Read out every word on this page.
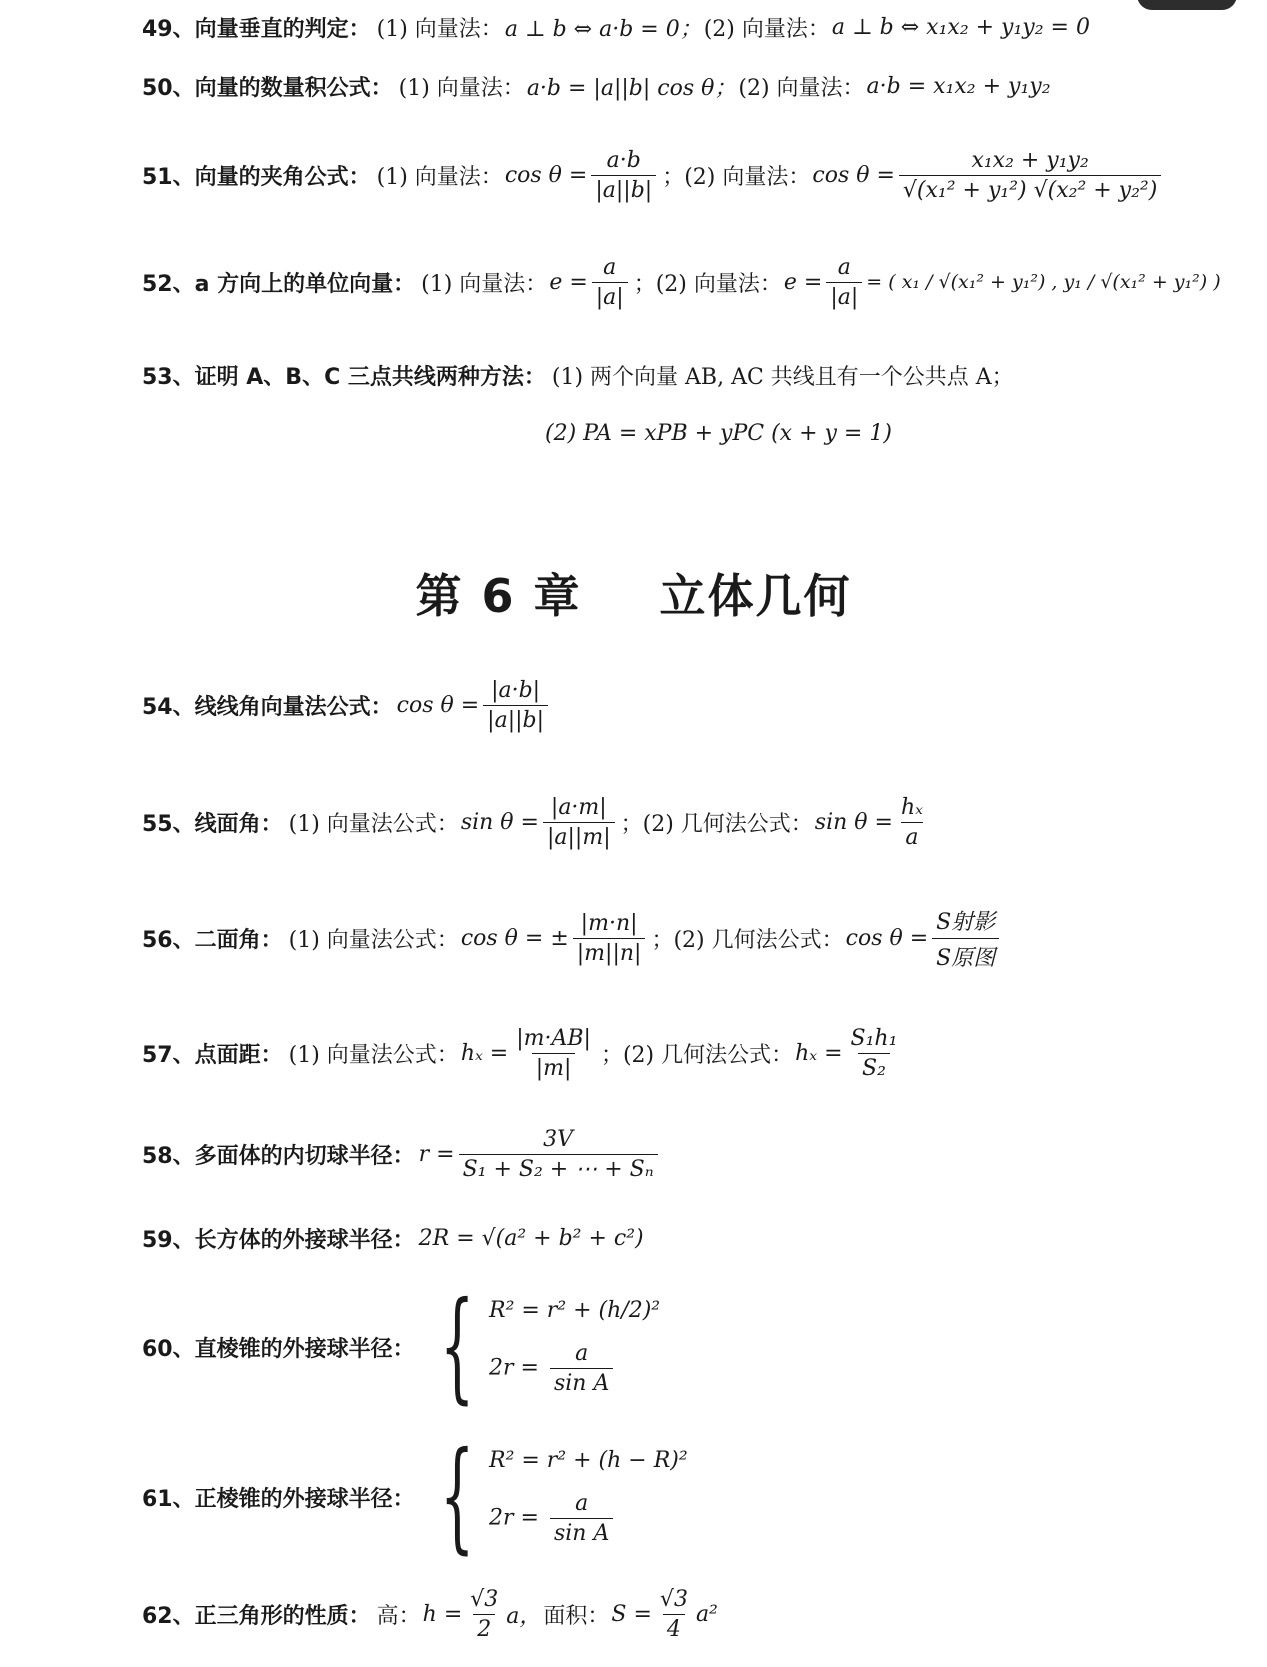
49、 向量垂直的判定： (1) 向量法： a ⊥ b ⇔ a·b = 0； (2) 向量法： a ⊥ b ⇔ x₁x₂ + y₁y₂ = 0
50、 向量的数量积公式： (1) 向量法： a·b = |a||b| cos θ； (2) 向量法： a·b = x₁x₂ + y₁y₂
51、 向量的夹角公式： (1) 向量法： $\cos \theta = \frac{a\cdot b}{|a||b|}$ ；(2) 向量法： $\cos \theta = \frac{\text{x₁x₂ + y₁y₂}}{\text{√(x₁² + y₁²) √(x₂² + y₂²)}}$
52、 a 方向上的单位向量： (1) 向量法： $e = \frac{a}{|a|}$ ；(2) 向量法： $e = \frac{a}{|a|}$ = ( x₁ / √(x₁² + y₁²) , y₁ / √(x₁² + y₁²) )
53、 证明 A、B、C 三点共线两种方法： (1) 两个向量 AB, AC 共线且有一个公共点 A；
(2) PA = xPB + yPC (x + y = 1)
第 6 章 立体几何
54、 线线角向量法公式： $\cos \theta = \frac{|a\cdot b|}{|a||b|}$
55、 线面角： (1) 向量法公式： $\sin \theta = \frac{|a\cdot m|}{|a||m|}$ ；(2) 几何法公式： $\sin \theta = \frac{\text{hₓ}}{a}$
56、 二面角： (1) 向量法公式： cos θ = ± $\frac{|m\cdot n|}{|m||n|}$ ；(2) 几何法公式： $\cos \theta = \frac{\text{S射影}}{\text{S原图}}$
57、 点面距： (1) 向量法公式： $h_x = \frac{|m\cdot AB|}{|m|}$ ；(2) 几何法公式： $h_x = \frac{\text{S₁h₁}}{\text{S₂}}$
58、 多面体的内切球半径： $r = \frac{3V}{\text{S₁ + S₂ + ⋯ + Sₙ}}$
59、 长方体的外接球半径： 2R = √(a² + b² + c²)
60、 直棱锥的外接球半径： { R² = r² + (h/2)²
$2r = \frac{a}{\text{sin A}}$
61、 正棱锥的外接球半径： { R² = r² + (h − R)²
$2r = \frac{a}{\text{sin A}}$
62、 正三角形的性质： 高： $h = \frac{√3}{2}$ a， 面积： $S = \frac{√3}{4} a^2$
